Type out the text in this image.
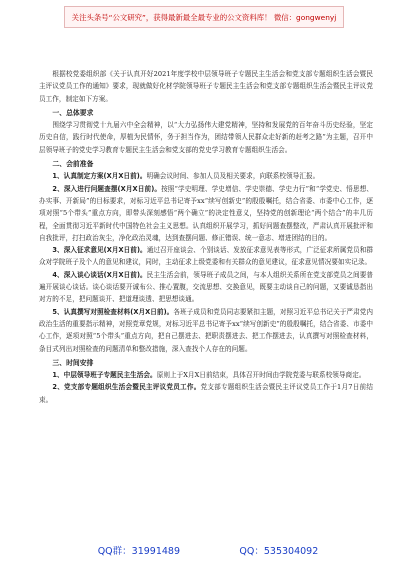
关注头条号“公文研究”，获得最新最全最专业的公文资料库！ 微信：gongwenyj

根据校党委组织部《关于认真开好2021年度学校中层领导班子专题民主生活会和党支部专题组织生活会暨民主评议党员工作的通知》要求，现就做好化材学院领导班子专题民主生活会和党支部专题组织生活会暨民主评议党员工作，制定如下方案。

一、总体要求

围绕学习贯彻党十九届六中全会精神，以“大力弘扬伟大建党精神，坚持和发展党的百年奋斗历史经验，坚定历史自信，践行时代使命，厚植为民情怀，务于担当作为，团结带领人民群众走好新的赶考之路”为主题，召开中层领导班子的党史学习教育专题民主生活会和党支部的党史学习教育专题组织生活会。

二、会前准备

1、认真制定方案(X月X日前)。明确会议时间、参加人员及相关要求，向联系校领导汇报。

2、深入进行问题查摆(X月X日前)。按照“学史明理、学史增信、学史崇德、学史力行”和“学党史、悟思想、办实事、开新局”的目标要求，对标习近平总书记寄予xx“续写创新史”的殷殷嘱托，结合省委、市委中心工作，逐项对照“5个带头”重点方向，即带头深刻感悟“两个确立”的决定性意义，坚持党的创新理论“两个结合”的丰几历程，全面贯彻习近平新时代中国特色社会主义思想。认真组织开展学习，抓好问题查摆整改，严肃认真开展批评和自我批评，打扫政治灰尘，净化政治灵魂，达到查摆问题、修正错误、统一意志、增进团结的目的。

3、深入征求意见(X月X日前)。通过召开座谈会、个别谈话、发放征求意见表等形式，广泛征求所属党员和群众对学院班子及个人的意见和建议，同时，主动征求上级党委和有关群众的意见建议，征求意见情况要如实记录。

4、深入谈心谈话(X月X日前)。民主生活会前，领导班子成员之间，与本人组织关系所在党支部党员之间要普遍开展谈心谈话。谈心谈话要开诚布公、推心置腹，交流思想、交换意见，既要主动谈自己的问题，又要诚恳指出对方的不足，把问题谈开、把道理谈透、把思想谈通。

5、认真撰写对照检查材料(X月X日前)。各班子成员和党员同志要紧扣主题，对照习近平总书记关于严肃党内政治生活的重要指示精神，对照党章党规，对标习近平总书记寄予xx“续写创新史”的殷殷嘱托，结合省委、市委中心工作，逐项对照“5个带头”重点方向，把自己摆进去、把职责摆进去、把工作摆进去，认真撰写对照检查材料，条目式列出对照检查的问题清单和整改措施，深入查找个人存在的问题。

三、时间安排

1、中层领导班子专题民主生活会。原则上于X月X日前结束，具体召开时间由学院党委与联系校领导商定。

2、党支部专题组织生活会暨民主评议党员工作。党支部专题组织生活会暨民主评议党员工作于1月7日前结束。

QQ群：31991489	QQ：535304092
